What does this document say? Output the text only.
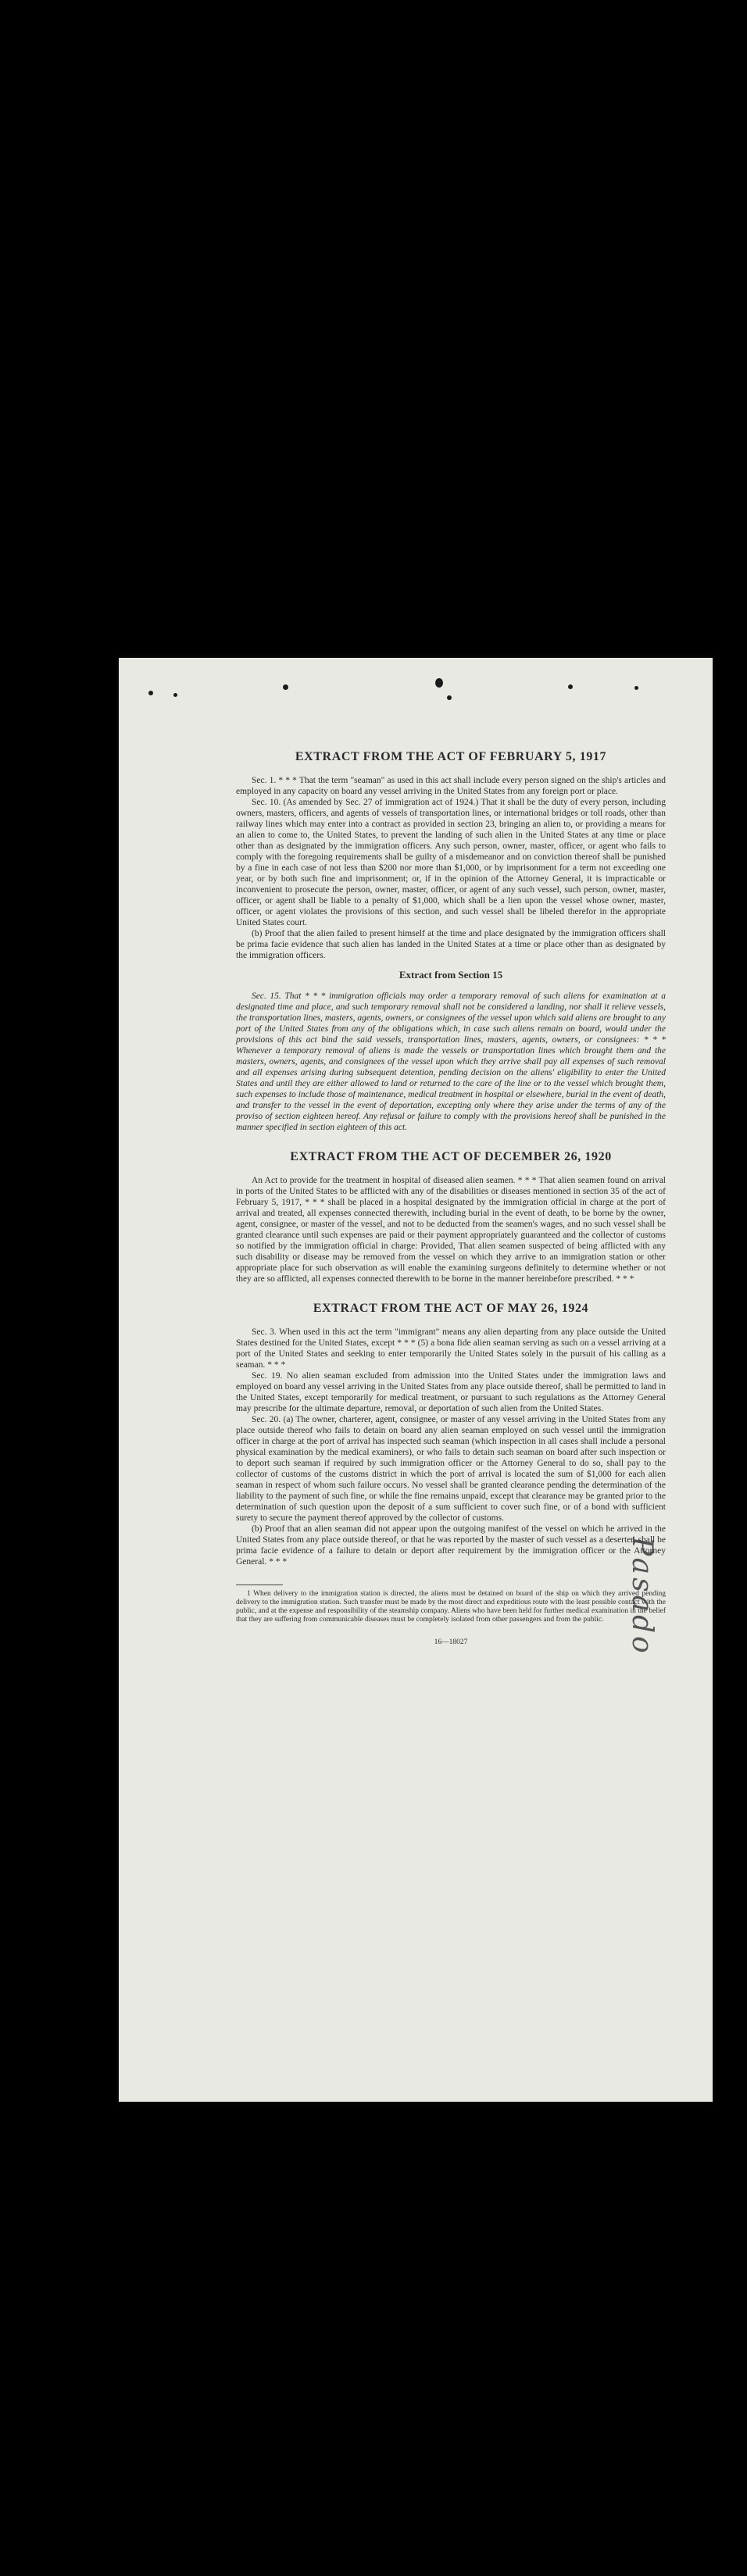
EXTRACT FROM THE ACT OF FEBRUARY 5, 1917

Sec. 1. * * * That the term "seaman" as used in this act shall include every person signed on the ship's articles and employed in any capacity on board any vessel arriving in the United States from any foreign port or place.

Sec. 10. (As amended by Sec. 27 of immigration act of 1924.) That it shall be the duty of every person, including owners, masters, officers, and agents of vessels of transportation lines, or international bridges or toll roads, other than railway lines which may enter into a contract as provided in section 23, bringing an alien to, or providing a means for an alien to come to, the United States, to prevent the landing of such alien in the United States at any time or place other than as designated by the immigration officers. Any such person, owner, master, officer, or agent who fails to comply with the foregoing requirements shall be guilty of a misdemeanor and on conviction thereof shall be punished by a fine in each case of not less than $200 nor more than $1,000, or by imprisonment for a term not exceeding one year, or by both such fine and imprisonment; or, if in the opinion of the Attorney General, it is impracticable or inconvenient to prosecute the person, owner, master, officer, or agent of any such vessel, such person, owner, master, officer, or agent shall be liable to a penalty of $1,000, which shall be a lien upon the vessel whose owner, master, officer, or agent violates the provisions of this section, and such vessel shall be libeled therefor in the appropriate United States court.

(b) Proof that the alien failed to present himself at the time and place designated by the immigration officers shall be prima facie evidence that such alien has landed in the United States at a time or place other than as designated by the immigration officers.

Extract from Section 15

Sec. 15. That * * * immigration officials may order a temporary removal of such aliens for examination at a designated time and place, and such temporary removal shall not be considered a landing, nor shall it relieve vessels, the transportation lines, masters, agents, owners, or consignees of the vessel upon which said aliens are brought to any port of the United States from any of the obligations which, in case such aliens remain on board, would under the provisions of this act bind the said vessels, transportation lines, masters, agents, owners, or consignees: * * * Whenever a temporary removal of aliens is made the vessels or transportation lines which brought them and the masters, owners, agents, and consignees of the vessel upon which they arrive shall pay all expenses of such removal and all expenses arising during subsequent detention, pending decision on the aliens' eligibility to enter the United States and until they are either allowed to land or returned to the care of the line or to the vessel which brought them, such expenses to include those of maintenance, medical treatment in hospital or elsewhere, burial in the event of death, and transfer to the vessel in the event of deportation, excepting only where they arise under the terms of any of the proviso of section eighteen hereof. Any refusal or failure to comply with the provisions hereof shall be punished in the manner specified in section eighteen of this act.

EXTRACT FROM THE ACT OF DECEMBER 26, 1920

An Act to provide for the treatment in hospital of diseased alien seamen. * * * That alien seamen found on arrival in ports of the United States to be afflicted with any of the disabilities or diseases mentioned in section 35 of the act of February 5, 1917, * * * shall be placed in a hospital designated by the immigration official in charge at the port of arrival and treated, all expenses connected therewith, including burial in the event of death, to be borne by the owner, agent, consignee, or master of the vessel, and not to be deducted from the seamen's wages, and no such vessel shall be granted clearance until such expenses are paid or their payment appropriately guaranteed and the collector of customs so notified by the immigration official in charge: Provided, That alien seamen suspected of being afflicted with any such disability or disease may be removed from the vessel on which they arrive to an immigration station or other appropriate place for such observation as will enable the examining surgeons definitely to determine whether or not they are so afflicted, all expenses connected therewith to be borne in the manner hereinbefore prescribed. * * *

EXTRACT FROM THE ACT OF MAY 26, 1924

Sec. 3. When used in this act the term "immigrant" means any alien departing from any place outside the United States destined for the United States, except * * * (5) a bona fide alien seaman serving as such on a vessel arriving at a port of the United States and seeking to enter temporarily the United States solely in the pursuit of his calling as a seaman. * * *

Sec. 19. No alien seaman excluded from admission into the United States under the immigration laws and employed on board any vessel arriving in the United States from any place outside thereof, shall be permitted to land in the United States, except temporarily for medical treatment, or pursuant to such regulations as the Attorney General may prescribe for the ultimate departure, removal, or deportation of such alien from the United States.

Sec. 20. (a) The owner, charterer, agent, consignee, or master of any vessel arriving in the United States from any place outside thereof who fails to detain on board any alien seaman employed on such vessel until the immigration officer in charge at the port of arrival has inspected such seaman (which inspection in all cases shall include a personal physical examination by the medical examiners), or who fails to detain such seaman on board after such inspection or to deport such seaman if required by such immigration officer or the Attorney General to do so, shall pay to the collector of customs of the customs district in which the port of arrival is located the sum of $1,000 for each alien seaman in respect of whom such failure occurs. No vessel shall be granted clearance pending the determination of the liability to the payment of such fine, or while the fine remains unpaid, except that clearance may be granted prior to the determination of such question upon the deposit of a sum sufficient to cover such fine, or of a bond with sufficient surety to secure the payment thereof approved by the collector of customs.

(b) Proof that an alien seaman did not appear upon the outgoing manifest of the vessel on which he arrived in the United States from any place outside thereof, or that he was reported by the master of such vessel as a deserter, shall be prima facie evidence of a failure to detain or deport after requirement by the immigration officer or the Attorney General. * * *

1 When delivery to the immigration station is directed, the aliens must be detained on board of the ship on which they arrived pending delivery to the immigration station. Such transfer must be made by the most direct and expeditious route with the least possible contact with the public, and at the expense and responsibility of the steamship company. Aliens who have been held for further medical examination in the belief that they are suffering from communicable diseases must be completely isolated from other passengers and from the public.
16—18027	Pasado
